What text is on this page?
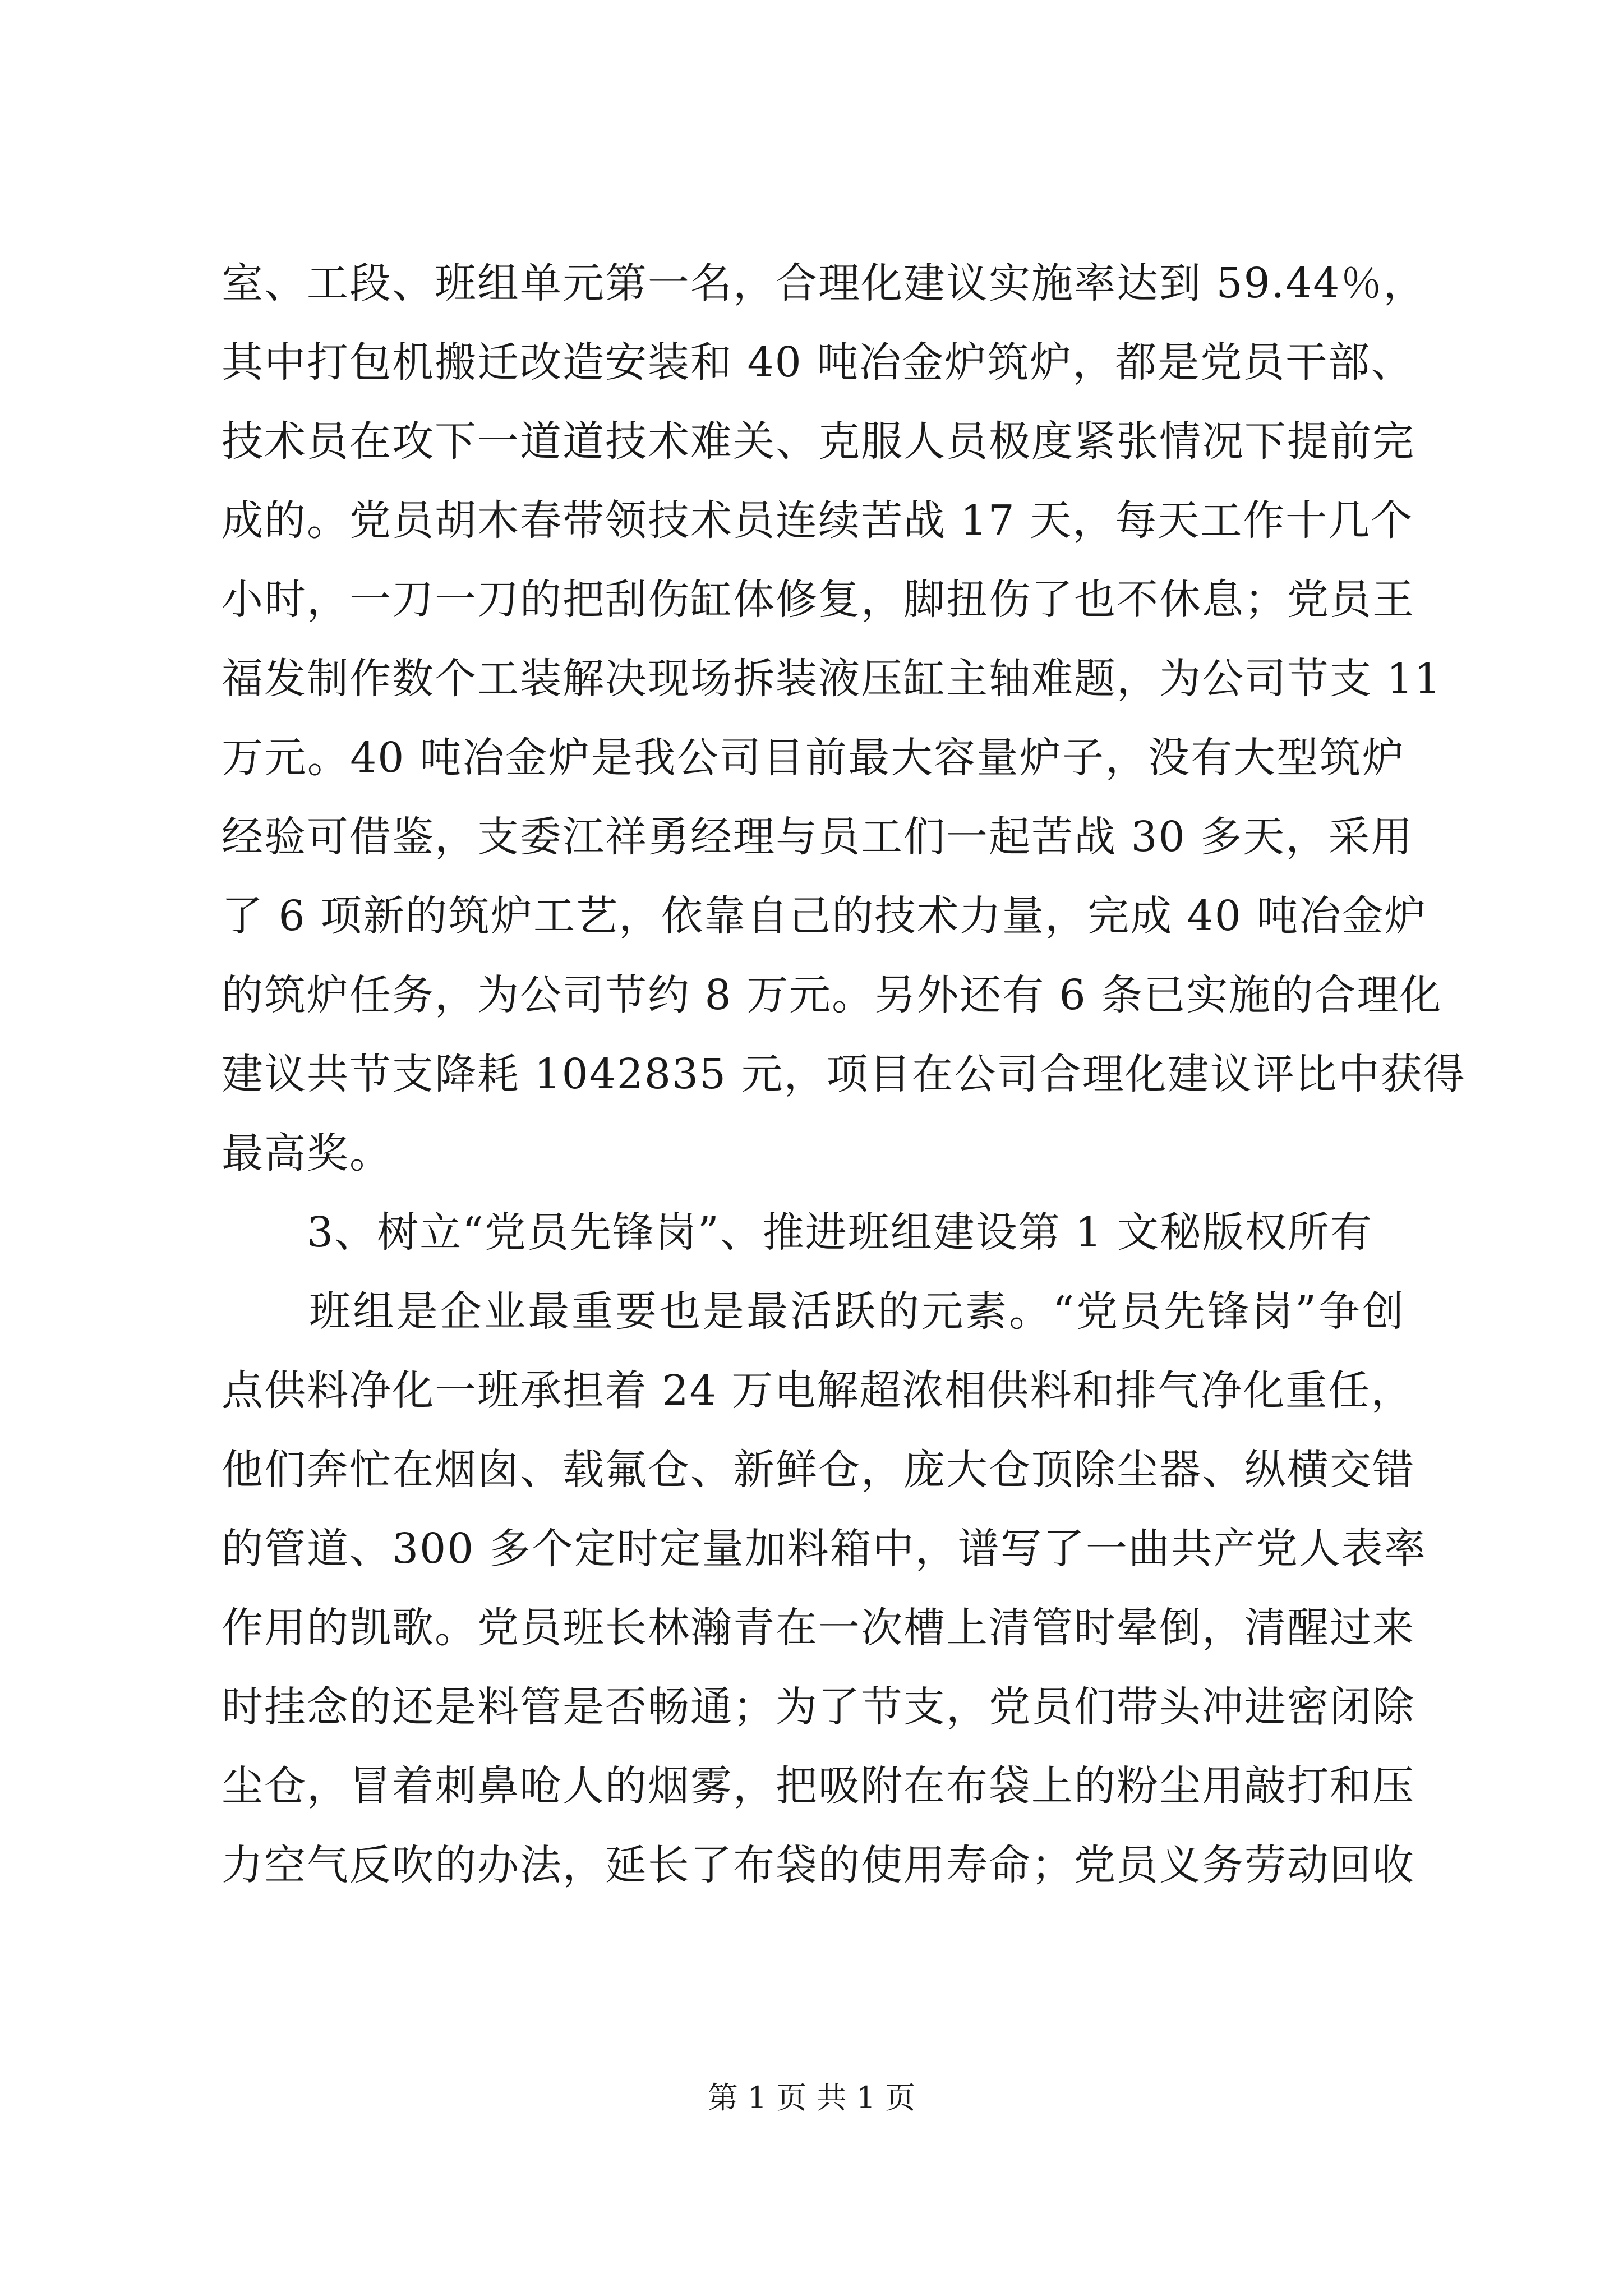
室、工段、班组单元第一名，合理化建议实施率达到 59.44％，
其中打包机搬迁改造安装和 40 吨冶金炉筑炉，都是党员干部、
技术员在攻下一道道技术难关、克服人员极度紧张情况下提前完
成的。党员胡木春带领技术员连续苦战 17 天，每天工作十几个
小时，一刀一刀的把刮伤缸体修复，脚扭伤了也不休息；党员王
福发制作数个工装解决现场拆装液压缸主轴难题，为公司节支 11
万元。40 吨冶金炉是我公司目前最大容量炉子，没有大型筑炉
经验可借鉴，支委江祥勇经理与员工们一起苦战 30 多天，采用
了 6 项新的筑炉工艺，依靠自己的技术力量，完成 40 吨冶金炉
的筑炉任务，为公司节约 8 万元。另外还有 6 条已实施的合理化
建议共节支降耗 1042835 元，项目在公司合理化建议评比中获得
最高奖。
　　3、树立“党员先锋岗”、推进班组建设第 1 文秘版权所有
　　班组是企业最重要也是最活跃的元素。“党员先锋岗”争创
点供料净化一班承担着 24 万电解超浓相供料和排气净化重任，
他们奔忙在烟囱、载氟仓、新鲜仓，庞大仓顶除尘器、纵横交错
的管道、300 多个定时定量加料箱中，谱写了一曲共产党人表率
作用的凯歌。党员班长林瀚青在一次槽上清管时晕倒，清醒过来
时挂念的还是料管是否畅通；为了节支，党员们带头冲进密闭除
尘仓，冒着刺鼻呛人的烟雾，把吸附在布袋上的粉尘用敲打和压
力空气反吹的办法，延长了布袋的使用寿命；党员义务劳动回收
第 1 页 共 1 页
